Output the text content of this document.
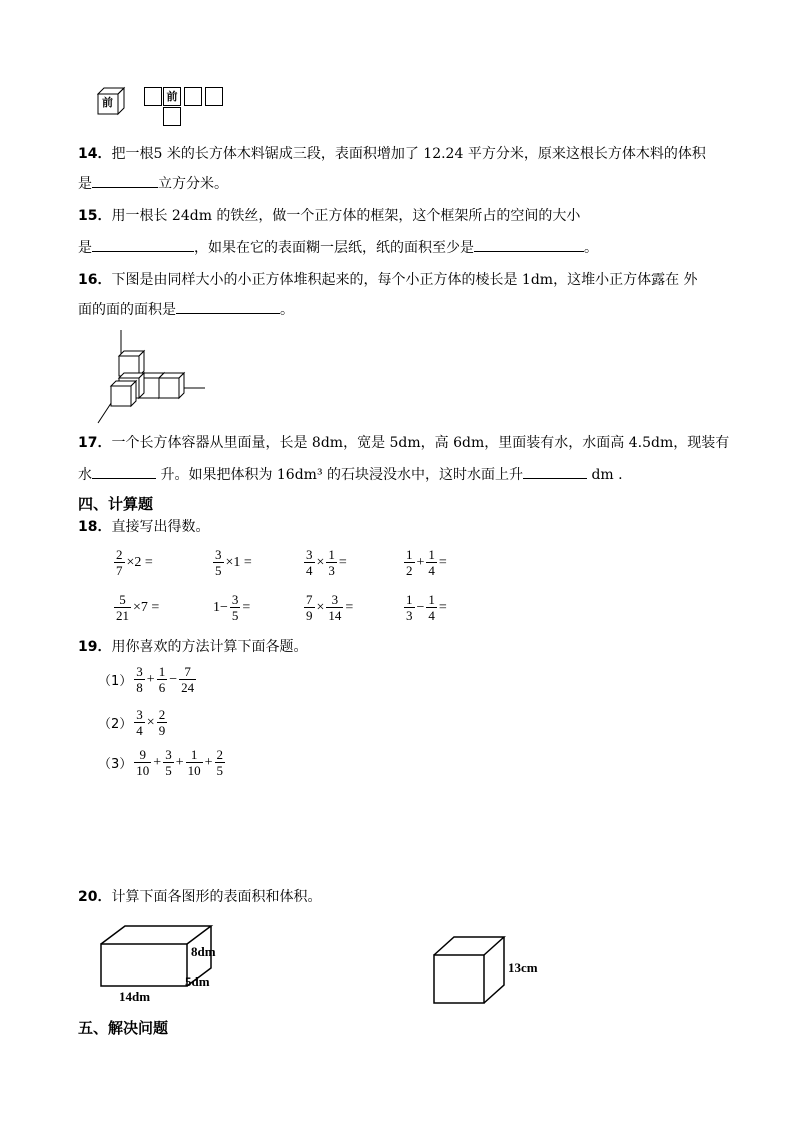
前	前
14．把一根5 米的长方体木料锯成三段，表面积增加了 12.24 平方分米，原来这根长方体木料的体积
是	立方分米。
15．用一根长 24dm 的铁丝，做一个正方体的框架，这个框架所占的空间的大小
是	，如果在它的表面糊一层纸，纸的面积至少是	。
16．下图是由同样大小的小正方体堆积起来的，每个小正方体的棱长是 1dm，这堆小正方体露在 外
面的面的面积是	。
17．一个长方体容器从里面量，长是 8dm，宽是 5dm，高 6dm，里面装有水，水面高 4.5dm，现装有
水	升。如果把体积为 16dm³ 的石块浸没水中，这时水面上升	dm .
四、计算题
18．直接写出得数。
$\frac{2}{7} \times 2$ =	$\frac{3}{5} \times 1$ =	$\frac{3}{4} \times \frac{1}{3}$ =	$\frac{1}{2} + \frac{1}{4}$ =
$\frac{5}{21} \times 7$ =	$1- \frac{3}{5}$ =	$\frac{7}{9} \times \frac{3}{14}$ =	$\frac{1}{3} - \frac{1}{4}$ =
19．用你喜欢的方法计算下面各题。
$(1) \frac{3}{8} + \frac{1}{6} - \frac{7}{24}$
$(2) \frac{3}{4} \times \frac{2}{9}$
$(3) \frac{9}{10} + \frac{3}{5} + \frac{1}{10} + \frac{2}{5}$
20．计算下面各图形的表面积和体积。
8dm
5dm
14dm
13cm
五、解决问题
